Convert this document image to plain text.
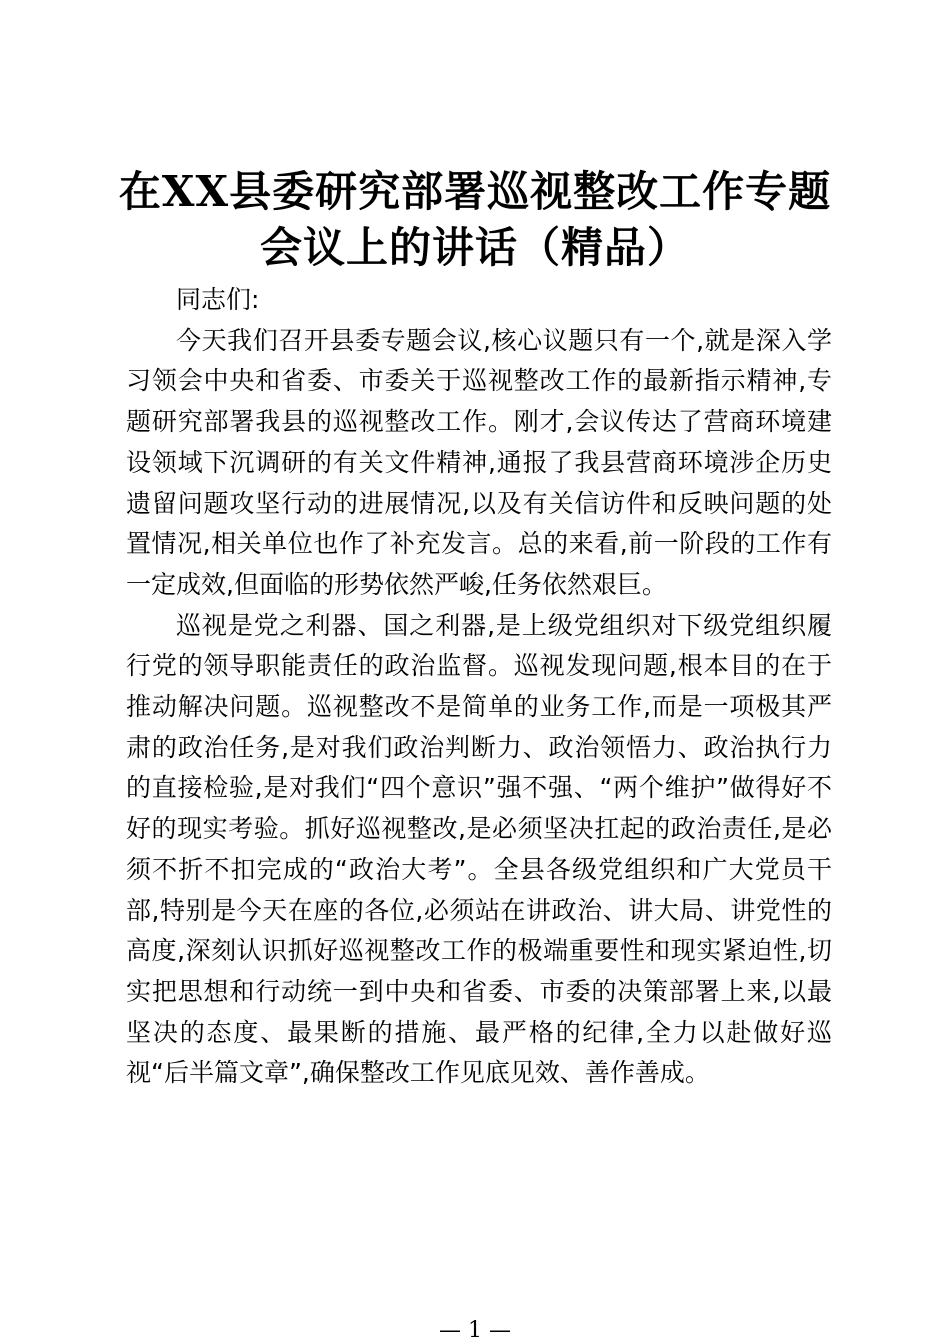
在XX县委研究部署巡视整改工作专题会议上的讲话（精品）

同志们:

今天我们召开县委专题会议,核心议题只有一个,就是深入学习领会中央和省委、市委关于巡视整改工作的最新指示精神,专题研究部署我县的巡视整改工作。刚才,会议传达了营商环境建设领域下沉调研的有关文件精神,通报了我县营商环境涉企历史遗留问题攻坚行动的进展情况,以及有关信访件和反映问题的处置情况,相关单位也作了补充发言。总的来看,前一阶段的工作有一定成效,但面临的形势依然严峻,任务依然艰巨。

巡视是党之利器、国之利器,是上级党组织对下级党组织履行党的领导职能责任的政治监督。巡视发现问题,根本目的在于推动解决问题。巡视整改不是简单的业务工作,而是一项极其严肃的政治任务,是对我们政治判断力、政治领悟力、政治执行力的直接检验,是对我们“四个意识”强不强、“两个维护”做得好不好的现实考验。抓好巡视整改,是必须坚决扛起的政治责任,是必须不折不扣完成的“政治大考”。全县各级党组织和广大党员干部,特别是今天在座的各位,必须站在讲政治、讲大局、讲党性的高度,深刻认识抓好巡视整改工作的极端重要性和现实紧迫性,切实把思想和行动统一到中央和省委、市委的决策部署上来,以最坚决的态度、最果断的措施、最严格的纪律,全力以赴做好巡视“后半篇文章”,确保整改工作见底见效、善作善成。

— 1 —
